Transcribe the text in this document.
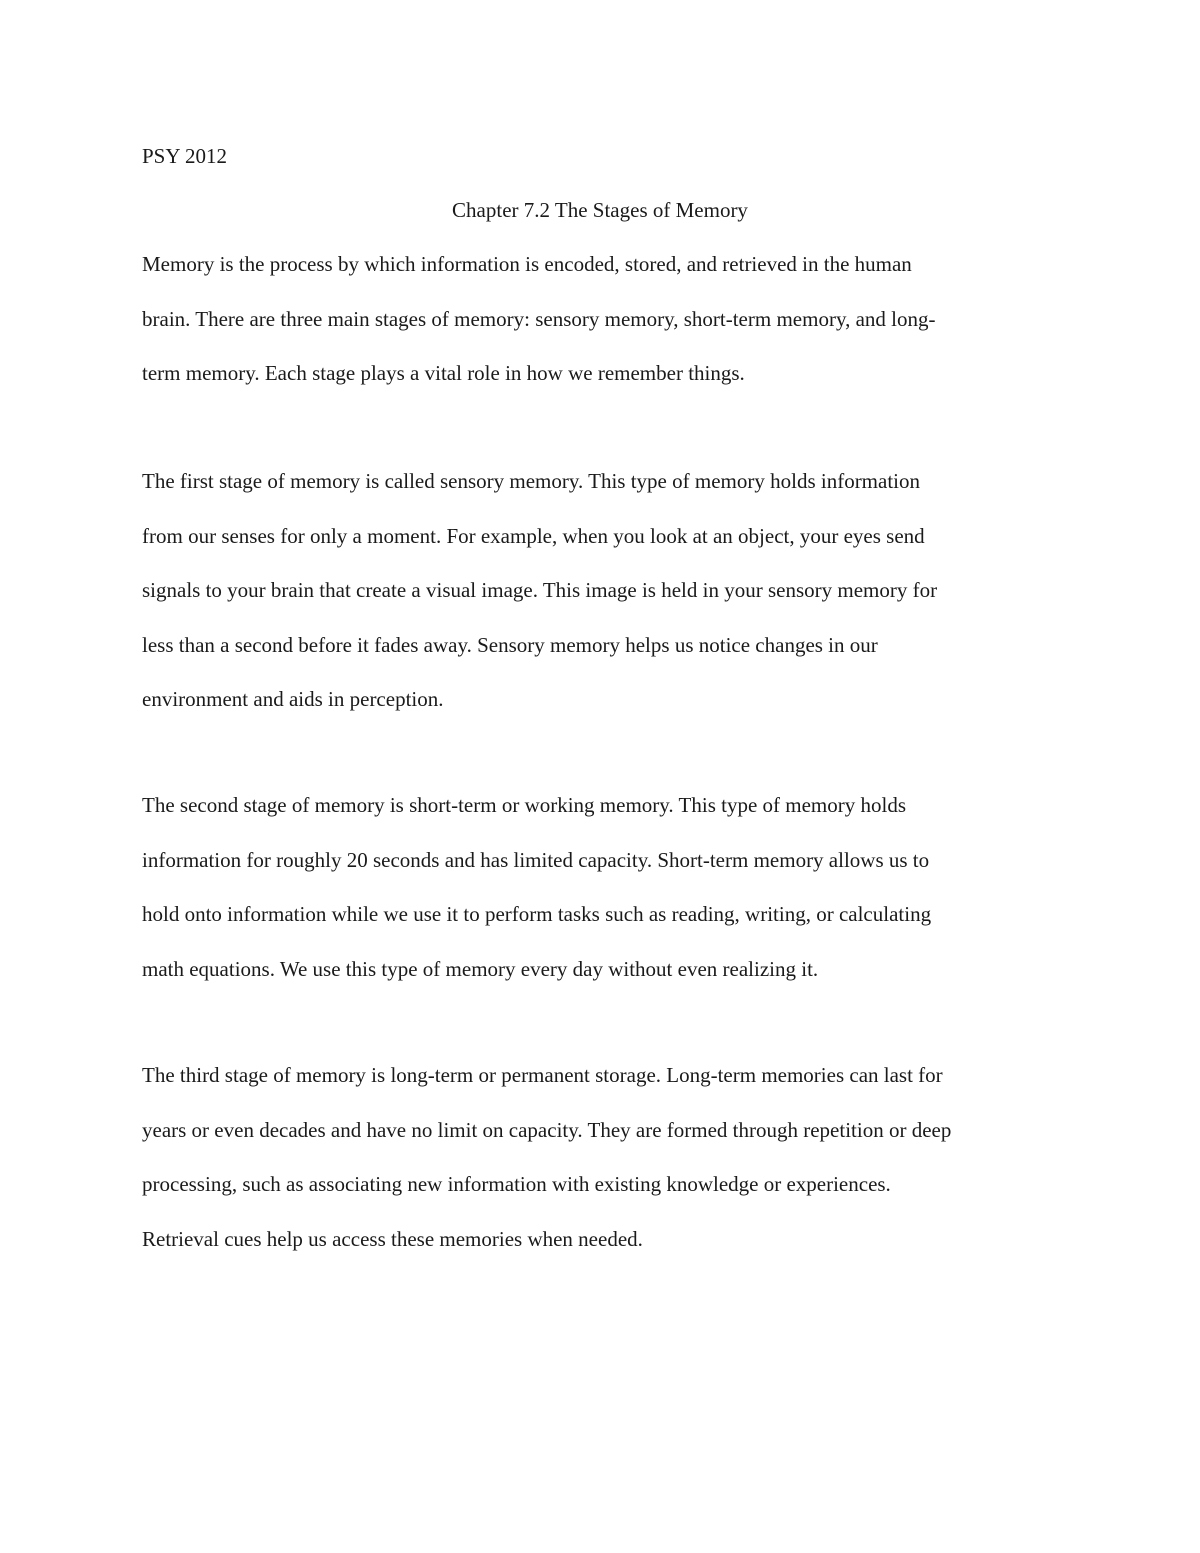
PSY 2012

Chapter 7.2 The Stages of Memory

Memory is the process by which information is encoded, stored, and retrieved in the human
brain. There are three main stages of memory: sensory memory, short-term memory, and long-
term memory. Each stage plays a vital role in how we remember things.

The first stage of memory is called sensory memory. This type of memory holds information
from our senses for only a moment. For example, when you look at an object, your eyes send
signals to your brain that create a visual image. This image is held in your sensory memory for
less than a second before it fades away. Sensory memory helps us notice changes in our
environment and aids in perception.

The second stage of memory is short-term or working memory. This type of memory holds
information for roughly 20 seconds and has limited capacity. Short-term memory allows us to
hold onto information while we use it to perform tasks such as reading, writing, or calculating
math equations. We use this type of memory every day without even realizing it.

The third stage of memory is long-term or permanent storage. Long-term memories can last for
years or even decades and have no limit on capacity. They are formed through repetition or deep
processing, such as associating new information with existing knowledge or experiences.
Retrieval cues help us access these memories when needed.
